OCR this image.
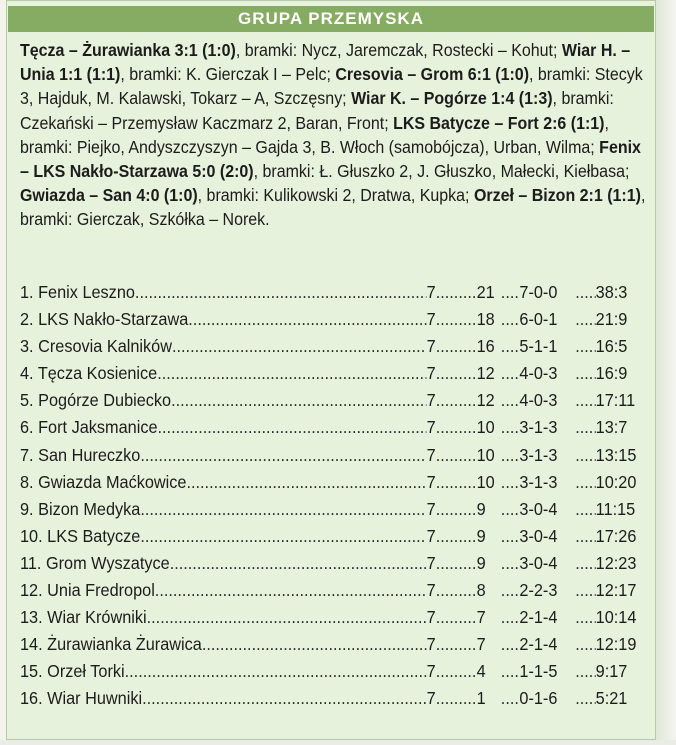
GRUPA PRZEMYSKA
Tęcza – Żurawianka 3:1 (1:0), bramki: Nycz, Jaremczak, Rostecki – Kohut; Wiar H. – Unia 1:1 (1:1), bramki: K. Gierczak I – Pelc; Cresovia – Grom 6:1 (1:0), bramki: Stecyk 3, Hajduk, M. Kalawski, Tokarz – A, Szczęsny; Wiar K. – Pogórze 1:4 (1:3), bramki: Czekański – Przemysław Kaczmarz 2, Baran, Front; LKS Batycze – Fort 2:6 (1:1), bramki: Piejko, Andyszczyszyn – Gajda 3, B. Włoch (samobójcza), Urban, Wilma; Fenix – LKS Nakło-Starzawa 5:0 (2:0), bramki: Ł. Głuszko 2, J. Głuszko, Małecki, Kiełbasa; Gwiazda – San 4:0 (1:0), bramki: Kulikowski 2, Dratwa, Kupka; Orzeł – Bizon 2:1 (1:1), bramki: Gierczak, Szkółka – Norek.
1. Fenix Leszno .....	7 ..... 21 .....	7-0-0 .....	38:3
2. LKS Nakło-Starzawa .....	7 ..... 18 .....	6-0-1 .....	21:9
3. Cresovia Kalników .....	7 ..... 16 .....	5-1-1 .....	16:5
4. Tęcza Kosienice .....	7 ..... 12 .....	4-0-3 .....	16:9
5. Pogórze Dubiecko .....	7 ..... 12 .....	4-0-3 .....	17:11
6. Fort Jaksmanice .....	7 ..... 10 .....	3-1-3 .....	13:7
7. San Hureczko .....	7 ..... 10 .....	3-1-3 .....	13:15
8. Gwiazda Maćkowice .....	7 ..... 10 .....	3-1-3 .....	10:20
9. Bizon Medyka .....	7 ..... 9 .....	3-0-4 .....	11:15
10. LKS Batycze .....	7 ..... 9 .....	3-0-4 .....	17:26
11. Grom Wyszatyce .....	7 ..... 9 .....	3-0-4 .....	12:23
12. Unia Fredropol .....	7 ..... 8 .....	2-2-3 .....	12:17
13. Wiar Krówniki .....	7 ..... 7 .....	2-1-4 .....	10:14
14. Żurawianka Żurawica .....	7 ..... 7 .....	2-1-4 .....	12:19
15. Orzeł Torki .....	7 ..... 4 .....	1-1-5 .....	9:17
16. Wiar Huwniki .....	7 ..... 1 .....	0-1-6 .....	5:21
